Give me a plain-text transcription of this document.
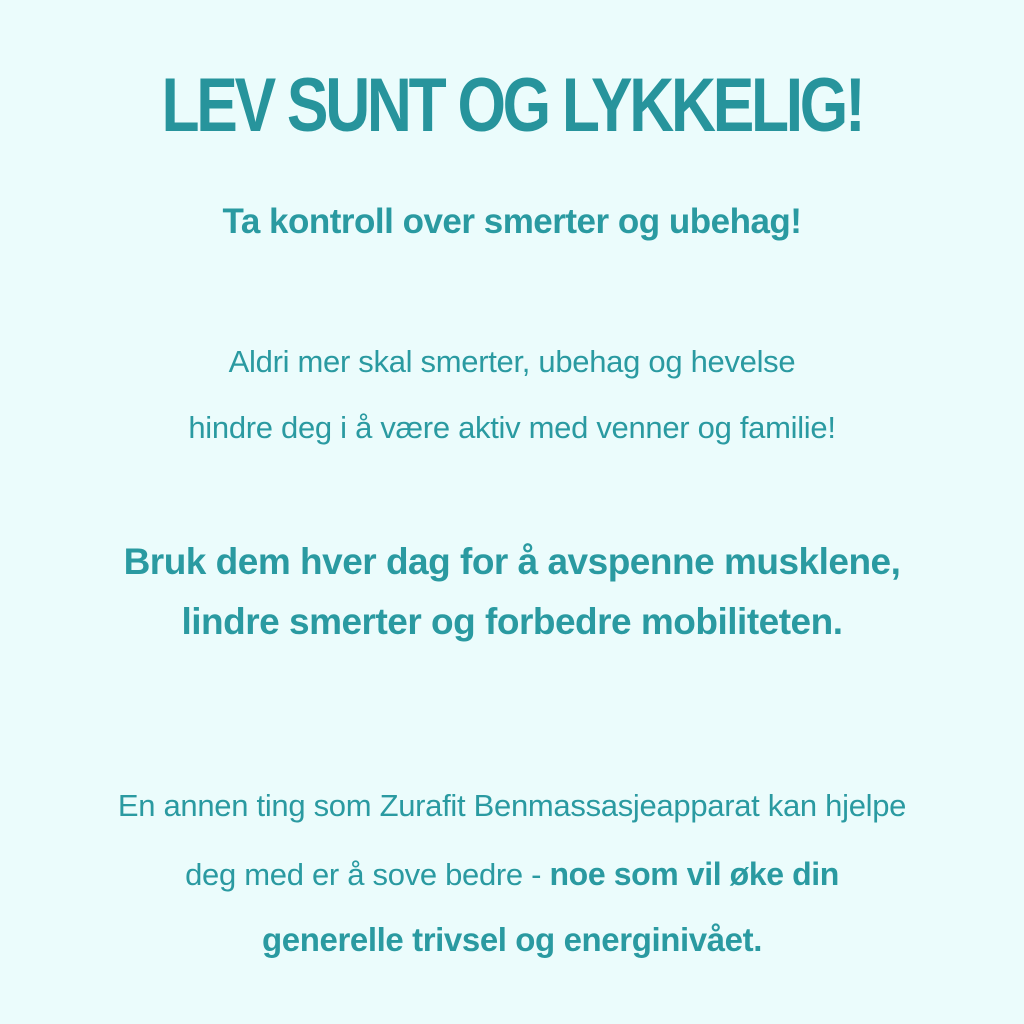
LEV SUNT OG LYKKELIG!
Ta kontroll over smerter og ubehag!
Aldri mer skal smerter, ubehag og hevelse
hindre deg i å være aktiv med venner og familie!
Bruk dem hver dag for å avspenne musklene,
lindre smerter og forbedre mobiliteten.
En annen ting som Zurafit Benmassasjeapparat kan hjelpe
deg med er å sove bedre - noe som vil øke din
generelle trivsel og energinivået.
